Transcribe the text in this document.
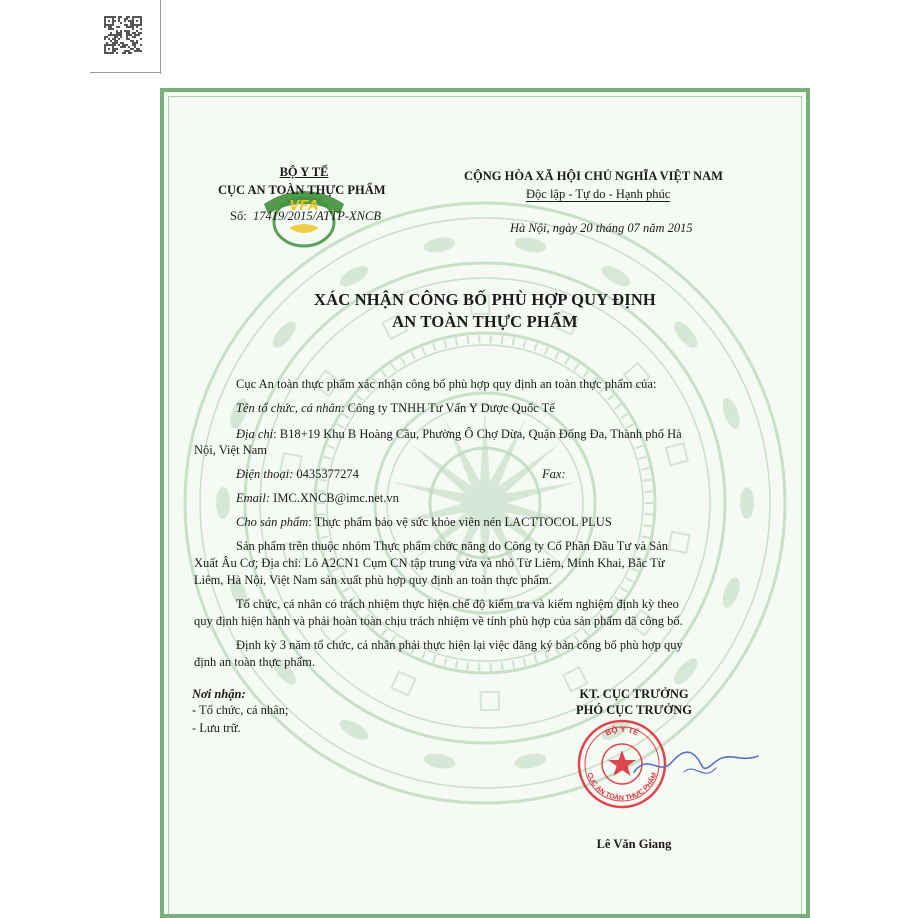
VFA
BỘ Y TẾ
CỤC AN TOÀN THỰC PHẨM
Số: 17419/2015/ATTP-XNCB
CỘNG HÒA XÃ HỘI CHỦ NGHĨA VIỆT NAM
Độc lập - Tự do - Hạnh phúc
Hà Nội, ngày 20 tháng 07 năm 2015
XÁC NHẬN CÔNG BỐ PHÙ HỢP QUY ĐỊNH
AN TOÀN THỰC PHẨM
Cục An toàn thực phẩm xác nhận công bố phù hợp quy định an toàn thực phẩm của:
Tên tổ chức, cá nhân: Công ty TNHH Tư Vấn Y Dược Quốc Tế
Địa chỉ: B18+19 Khu B Hoàng Cầu, Phường Ô Chợ Dừa, Quận Đống Đa, Thành phố Hà
Nội, Việt Nam
Điện thoại: 0435377274	Fax:
Email: IMC.XNCB@imc.net.vn
Cho sản phẩm: Thực phẩm bảo vệ sức khỏe viên nén LACTTOCOL PLUS
Sản phẩm trên thuộc nhóm Thực phẩm chức năng do Công ty Cổ Phần Đầu Tư và Sản
Xuất Âu Cơ; Địa chỉ: Lô A2CN1 Cụm CN tập trung vừa và nhỏ Từ Liêm, Minh Khai, Bắc Từ
Liêm, Hà Nội, Việt Nam sản xuất phù hợp quy định an toàn thực phẩm.
Tổ chức, cá nhân có trách nhiệm thực hiện chế độ kiểm tra và kiểm nghiệm định kỳ theo
quy định hiện hành và phải hoàn toàn chịu trách nhiệm về tính phù hợp của sản phẩm đã công bố.
Định kỳ 3 năm tổ chức, cá nhân phải thực hiện lại việc đăng ký bản công bố phù hợp quy
định an toàn thực phẩm.
Nơi nhận:
- Tổ chức, cá nhân;
- Lưu trữ.
KT. CỤC TRƯỞNG
PHÓ CỤC TRƯỞNG
Lê Văn Giang
BỘ Y TẾ
CỤC AN TOÀN THỰC PHẨM
